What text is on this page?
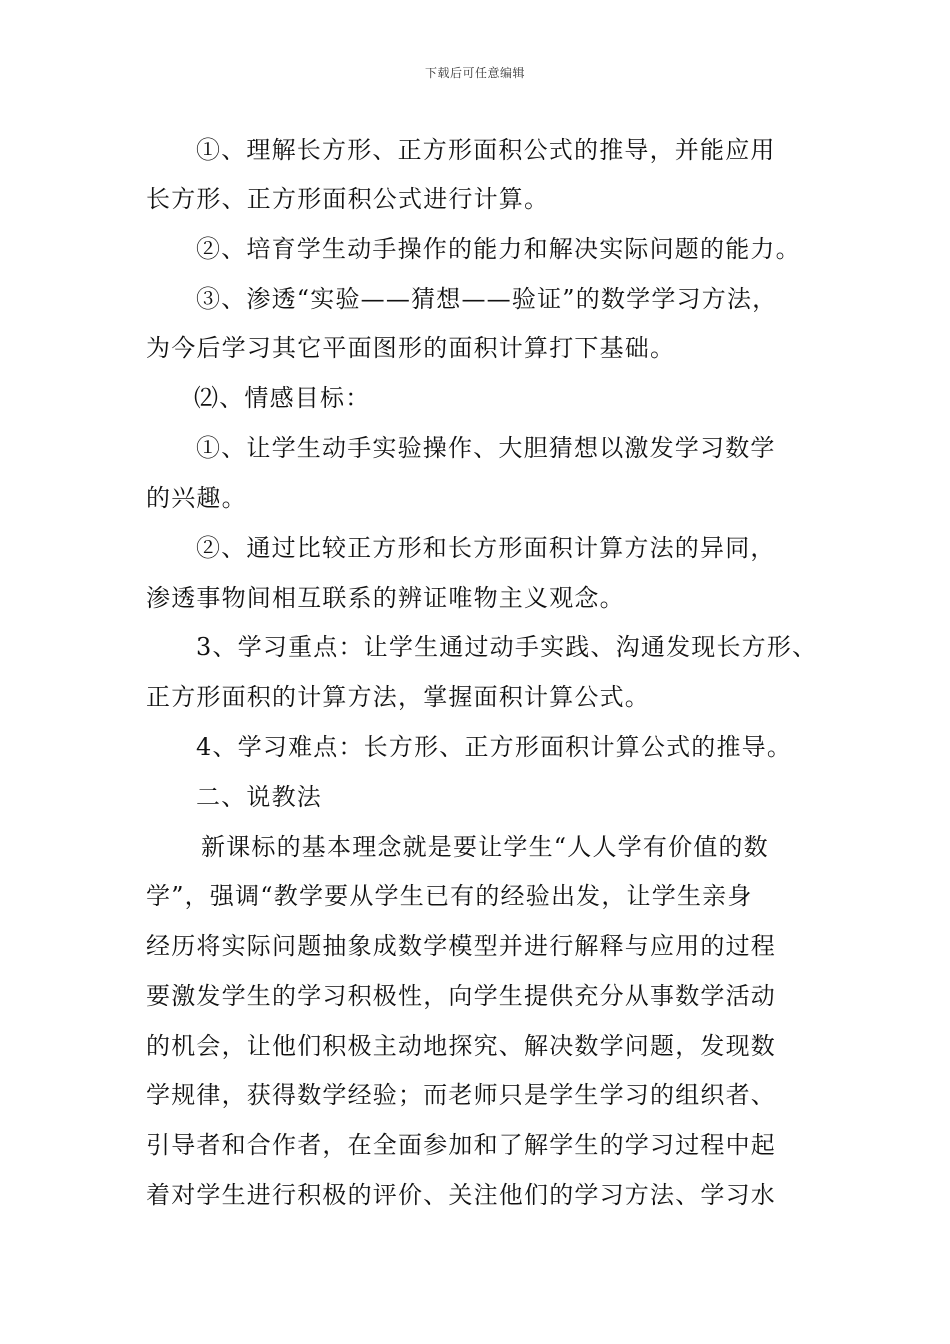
下载后可任意编辑
①、理解长方形、正方形面积公式的推导，并能应用
长方形、正方形面积公式进行计算。
②、培育学生动手操作的能力和解决实际问题的能力。
③、渗透“实验——猜想——验证”的数学学习方法，
为今后学习其它平面图形的面积计算打下基础。
⑵、情感目标：
①、让学生动手实验操作、大胆猜想以激发学习数学
的兴趣。
②、通过比较正方形和长方形面积计算方法的异同，
渗透事物间相互联系的辨证唯物主义观念。
3、学习重点：让学生通过动手实践、沟通发现长方形、
正方形面积的计算方法，掌握面积计算公式。
4、学习难点：长方形、正方形面积计算公式的推导。
二、说教法
新课标的基本理念就是要让学生“人人学有价值的数
学”，强调“教学要从学生已有的经验出发，让学生亲身
经历将实际问题抽象成数学模型并进行解释与应用的过程
要激发学生的学习积极性，向学生提供充分从事数学活动
的机会，让他们积极主动地探究、解决数学问题，发现数
学规律，获得数学经验；而老师只是学生学习的组织者、
引导者和合作者，在全面参加和了解学生的学习过程中起
着对学生进行积极的评价、关注他们的学习方法、学习水
